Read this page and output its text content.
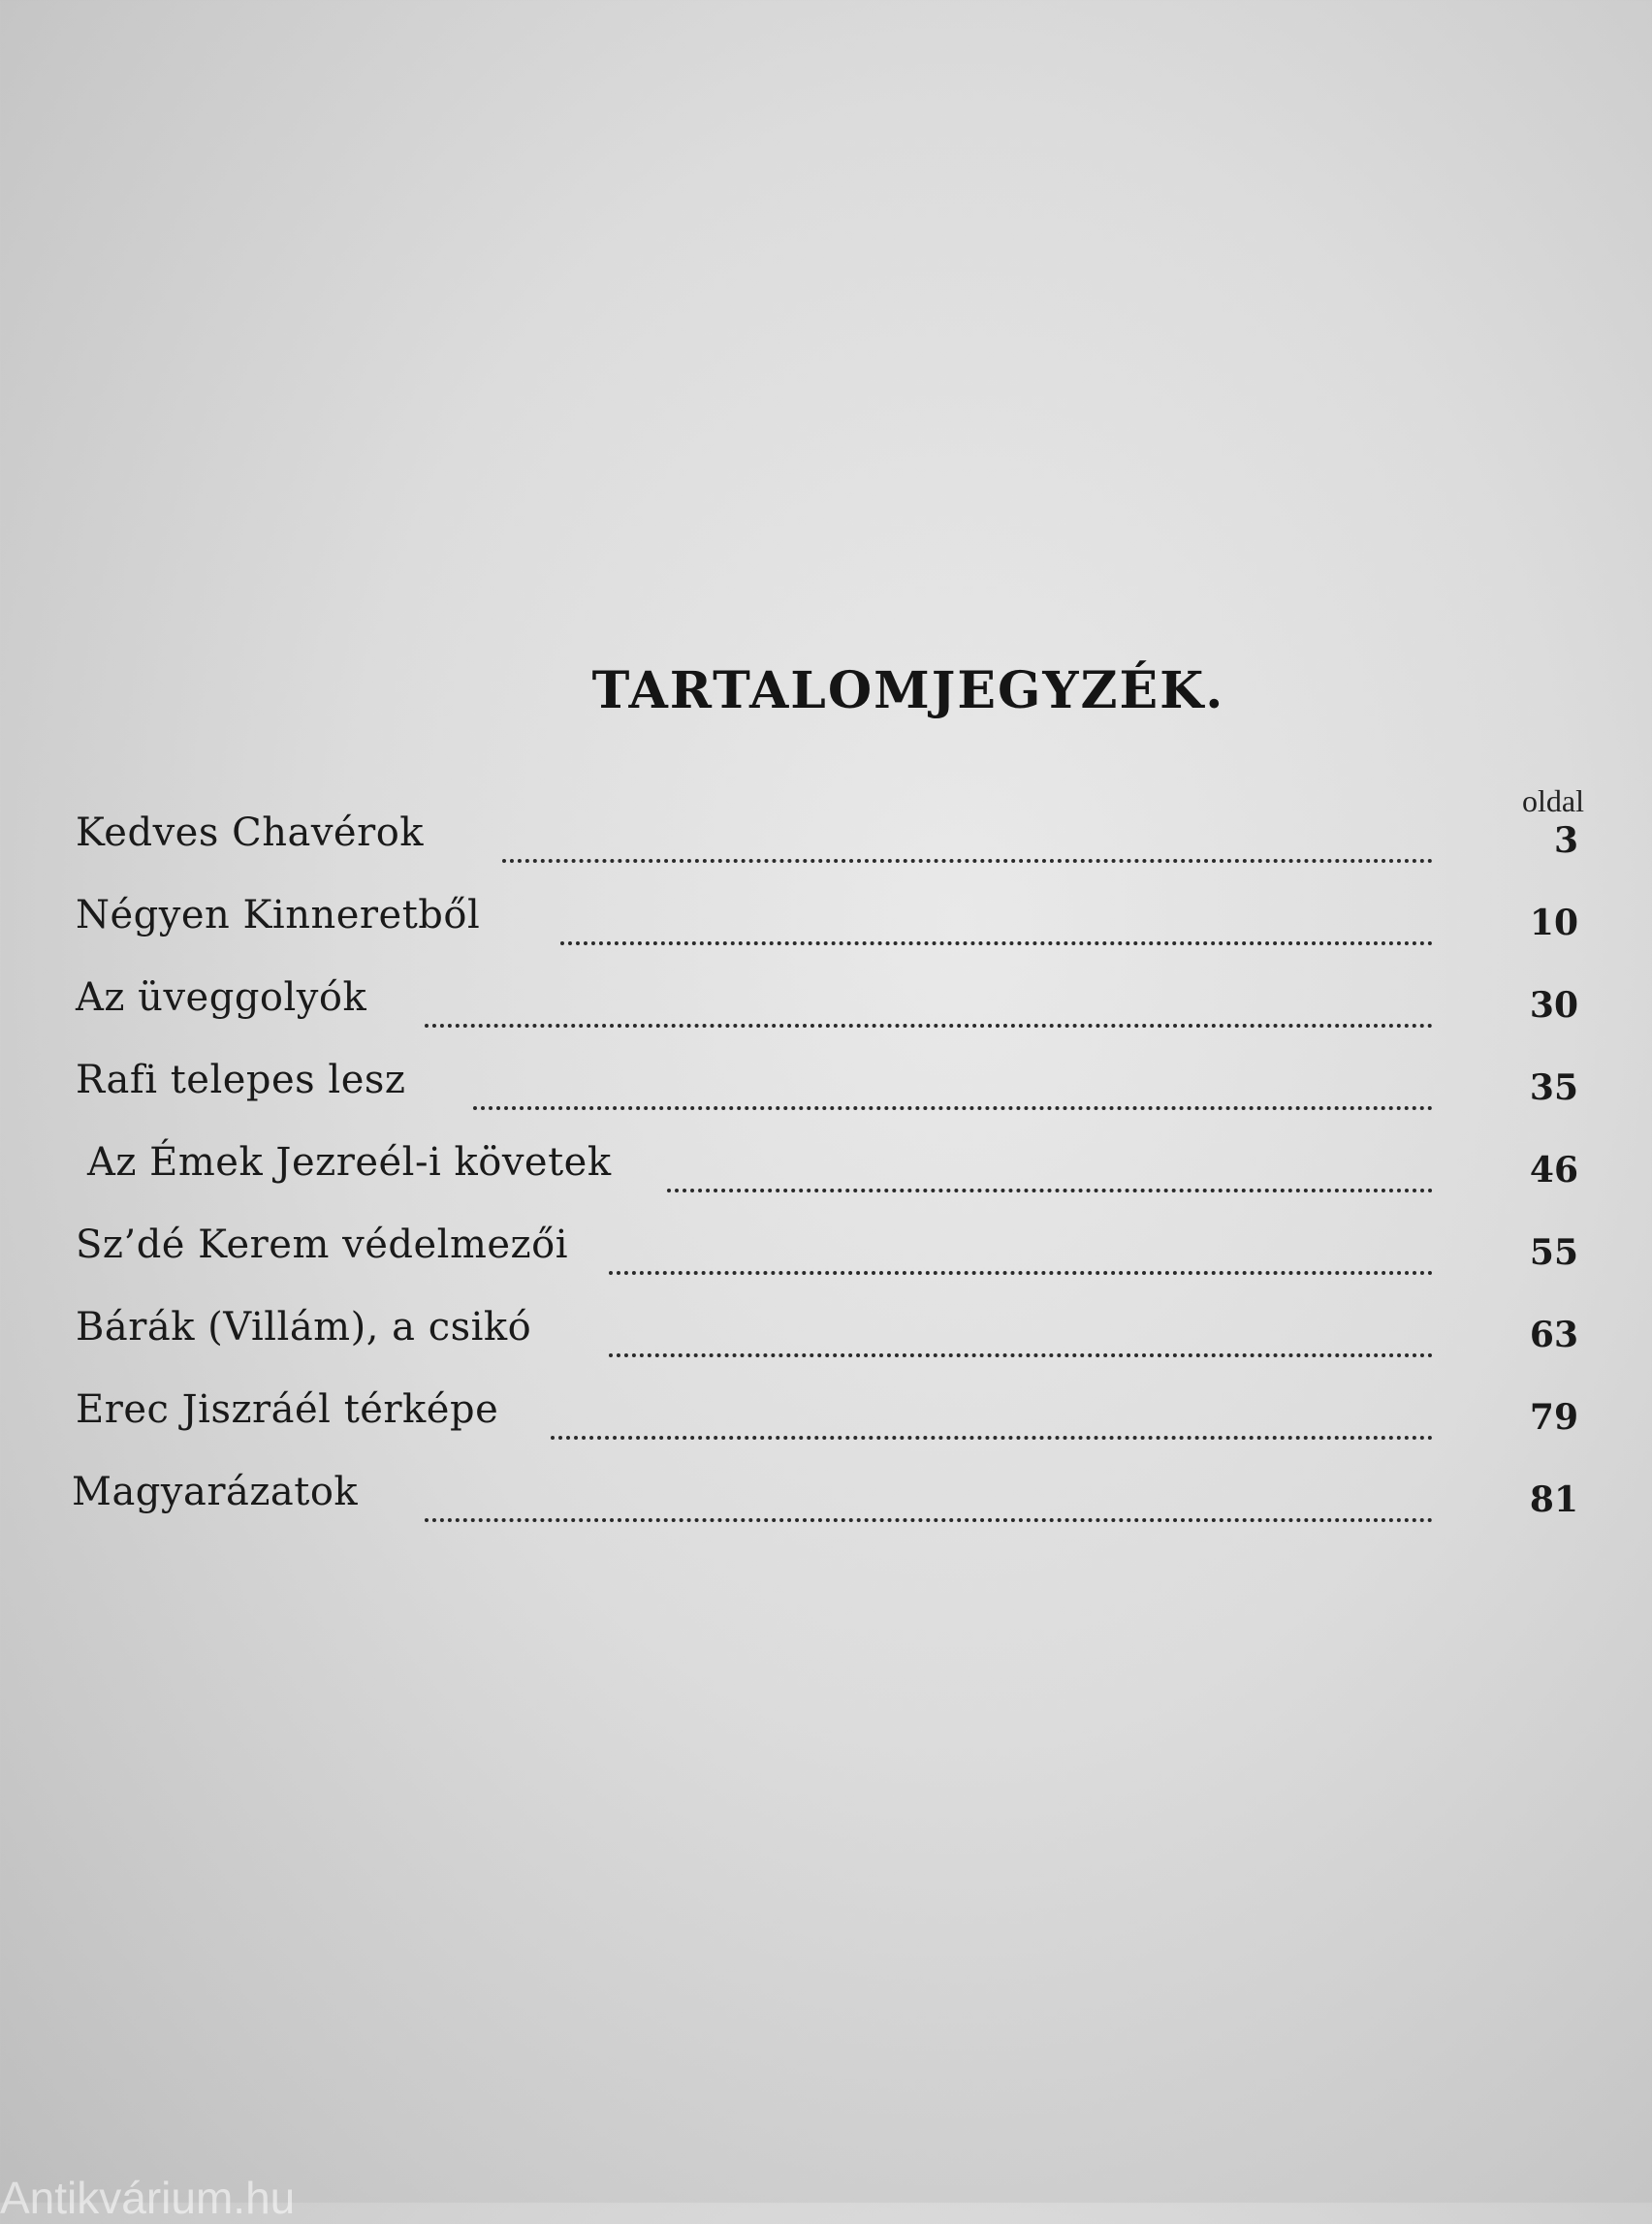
TARTALOMJEGYZÉK.
oldal
Kedves Chavérok	3
Négyen Kinneretből	10
Az üveggolyók	30
Rafi telepes lesz	35
Az Émek Jezreél-i követek	46
Sz’dé Kerem védelmezői	55
Bárák (Villám), a csikó	63
Erec Jiszráél térképe	79
Magyarázatok	81
Antikvárium.hu
